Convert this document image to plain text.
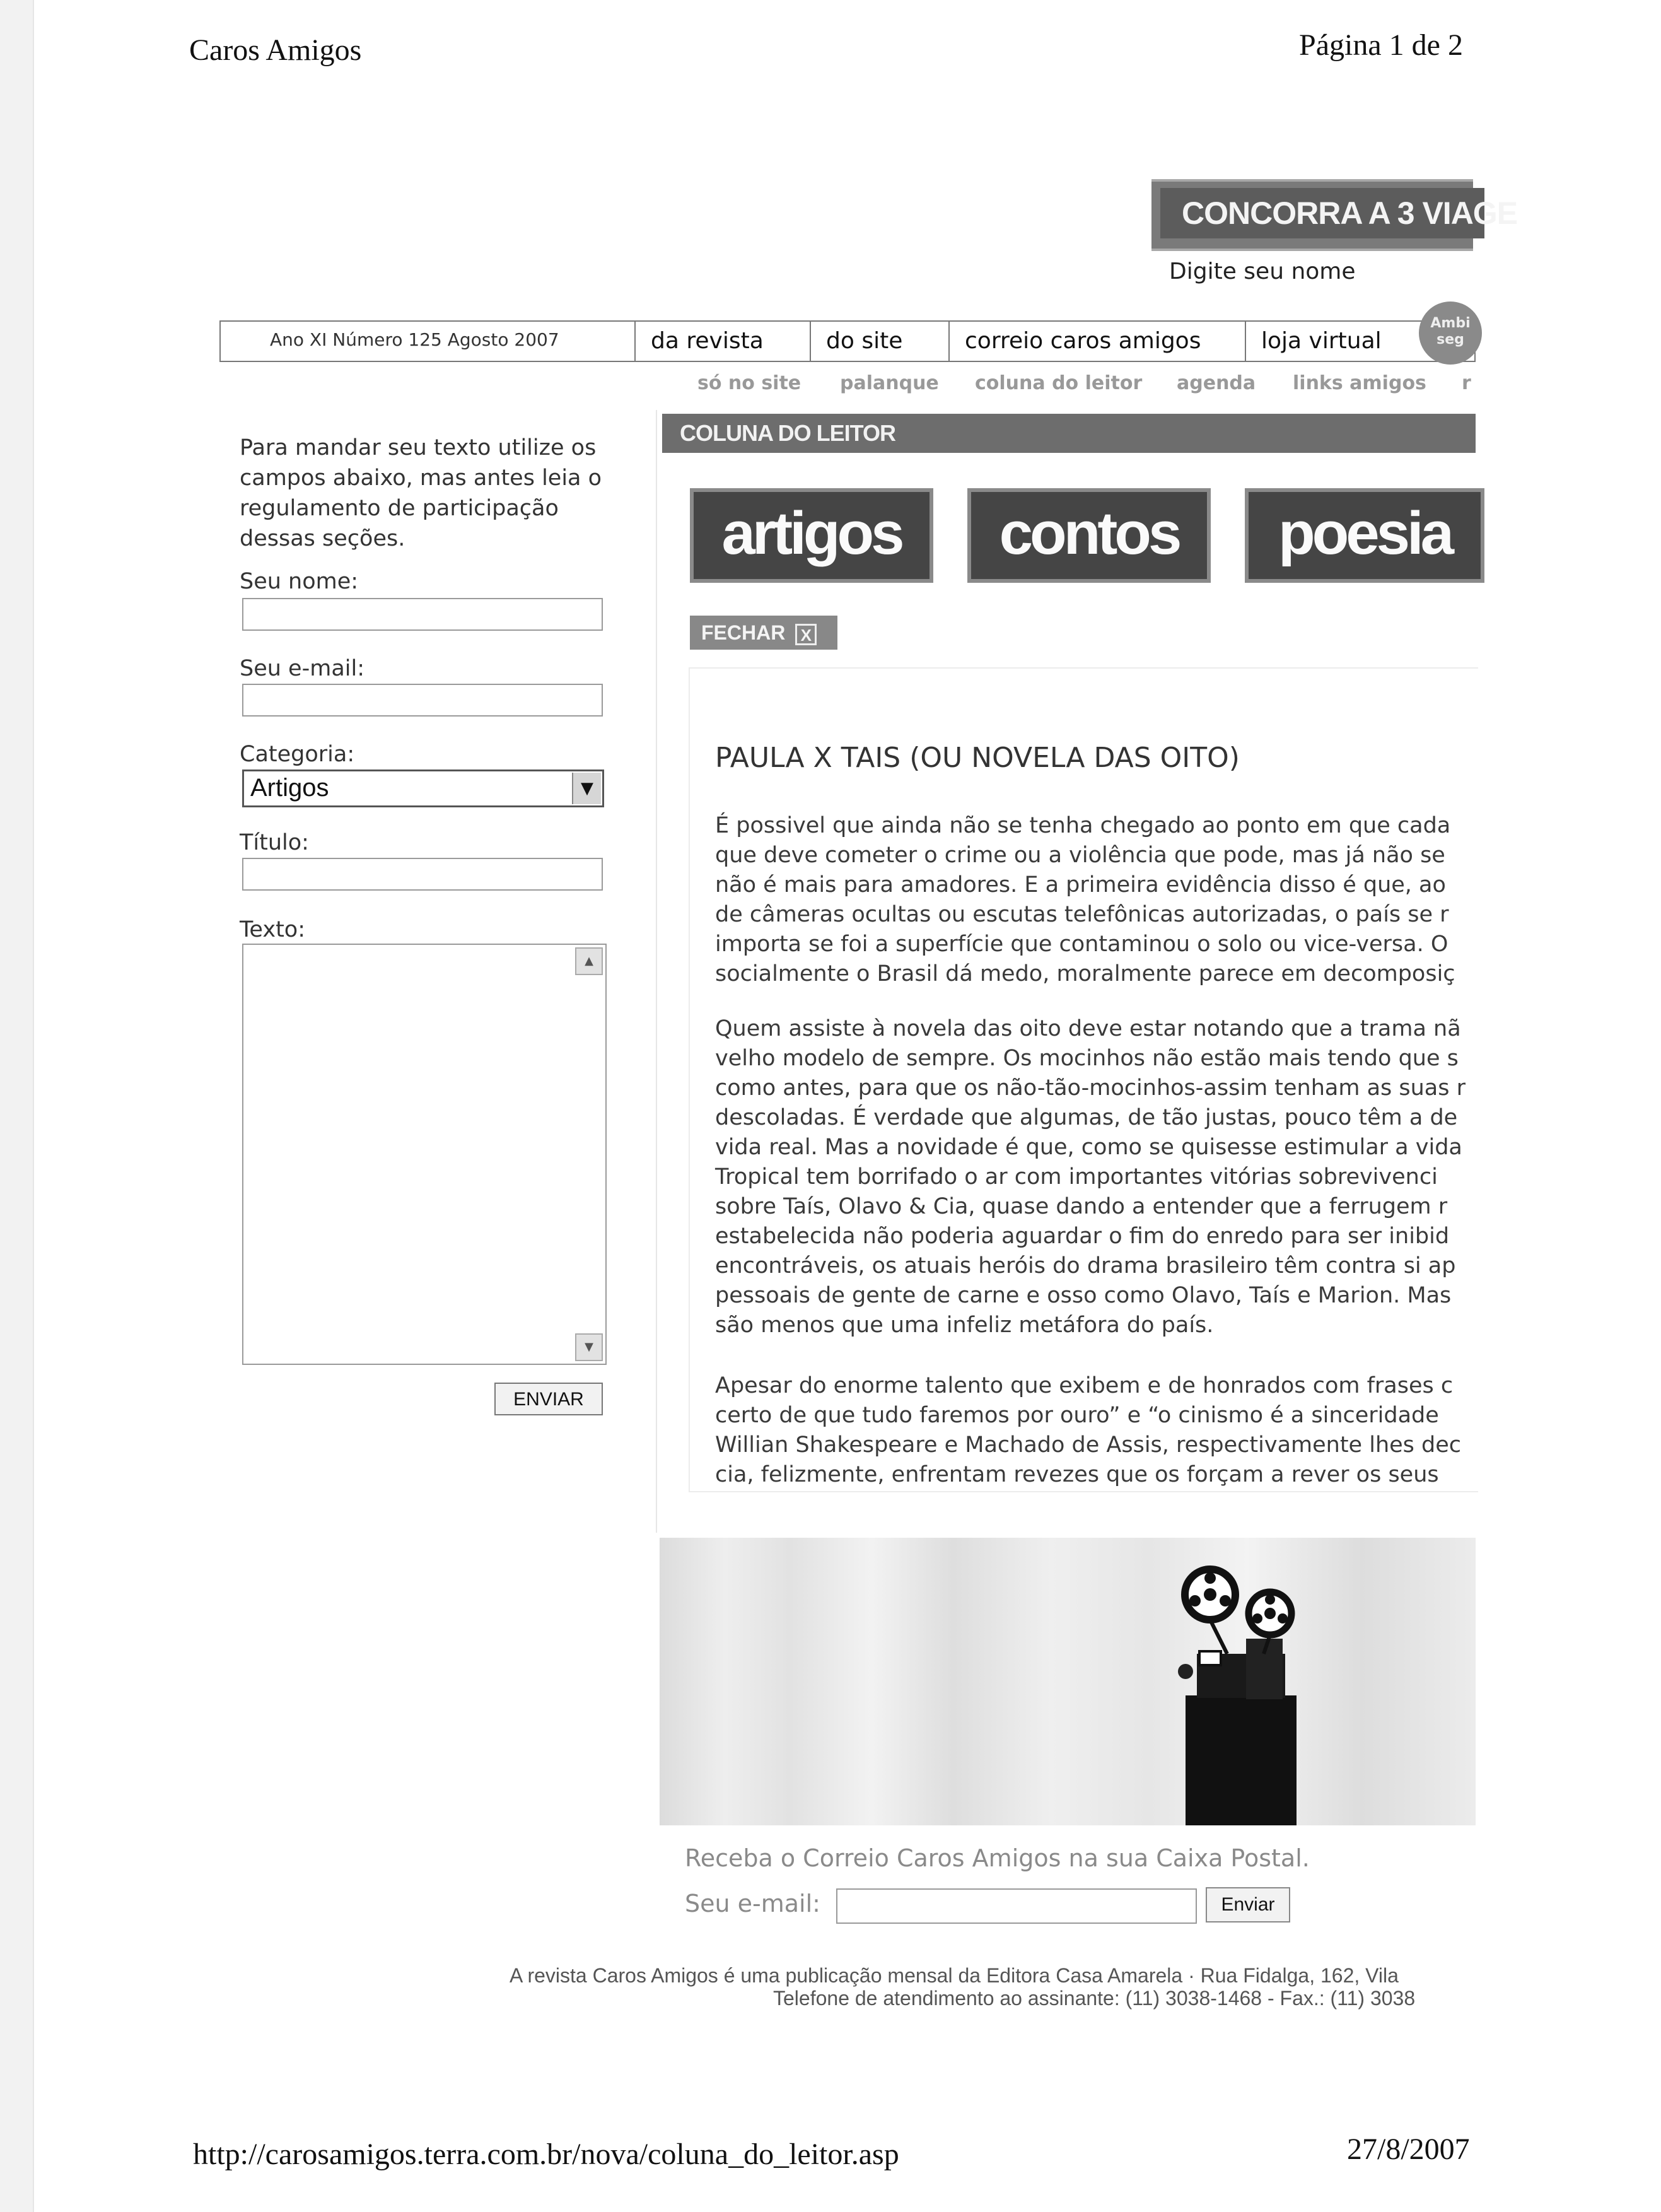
Caros Amigos	Página 1 de 2
http://carosamigos.terra.com.br/nova/coluna_do_leitor.asp	27/8/2007
CONCORRA A 3 VIAGE
Digite seu nome
Ano XI Número 125 Agosto 2007	da revista	do site	correio caros amigos	loja virtual
Ambi seg
só no site palanque coluna do leitor agenda links amigos r
Para mandar seu texto utilize os campos abaixo, mas antes leia o regulamento de participação dessas seções.
Seu nome:
Seu e-mail:
Categoria:
Artigos	▼
Título:
Texto:
▲
▼
ENVIAR
COLUNA DO LEITOR
artigos	contos	poesia
FECHAR X
PAULA X TAIS (OU NOVELA DAS OITO)
É possivel que ainda não se tenha chegado ao ponto em que cada
que deve cometer o crime ou a violência que pode, mas já não se
não é mais para amadores. E a primeira evidência disso é que, ao
de câmeras ocultas ou escutas telefônicas autorizadas, o país se r
importa se foi a superfície que contaminou o solo ou vice-versa. O
socialmente o Brasil dá medo, moralmente parece em decomposiç
Quem assiste à novela das oito deve estar notando que a trama nã
velho modelo de sempre. Os mocinhos não estão mais tendo que s
como antes, para que os não-tão-mocinhos-assim tenham as suas r
descoladas. É verdade que algumas, de tão justas, pouco têm a de
vida real. Mas a novidade é que, como se quisesse estimular a vida
Tropical tem borrifado o ar com importantes vitórias sobrevivenci
sobre Taís, Olavo & Cia, quase dando a entender que a ferrugem r
estabelecida não poderia aguardar o fim do enredo para ser inibid
encontráveis, os atuais heróis do drama brasileiro têm contra si ap
pessoais de gente de carne e osso como Olavo, Taís e Marion. Mas
são menos que uma infeliz metáfora do país.
Apesar do enorme talento que exibem e de honrados com frases c
certo de que tudo faremos por ouro” e “o cinismo é a sinceridade
Willian Shakespeare e Machado de Assis, respectivamente lhes dec
cia, felizmente, enfrentam revezes que os forçam a rever os seus
Receba o Correio Caros Amigos na sua Caixa Postal.
Seu e-mail:	Enviar
A revista Caros Amigos é uma publicação mensal da Editora Casa Amarela · Rua Fidalga, 162, Vila
Telefone de atendimento ao assinante: (11) 3038-1468 - Fax.: (11) 3038
